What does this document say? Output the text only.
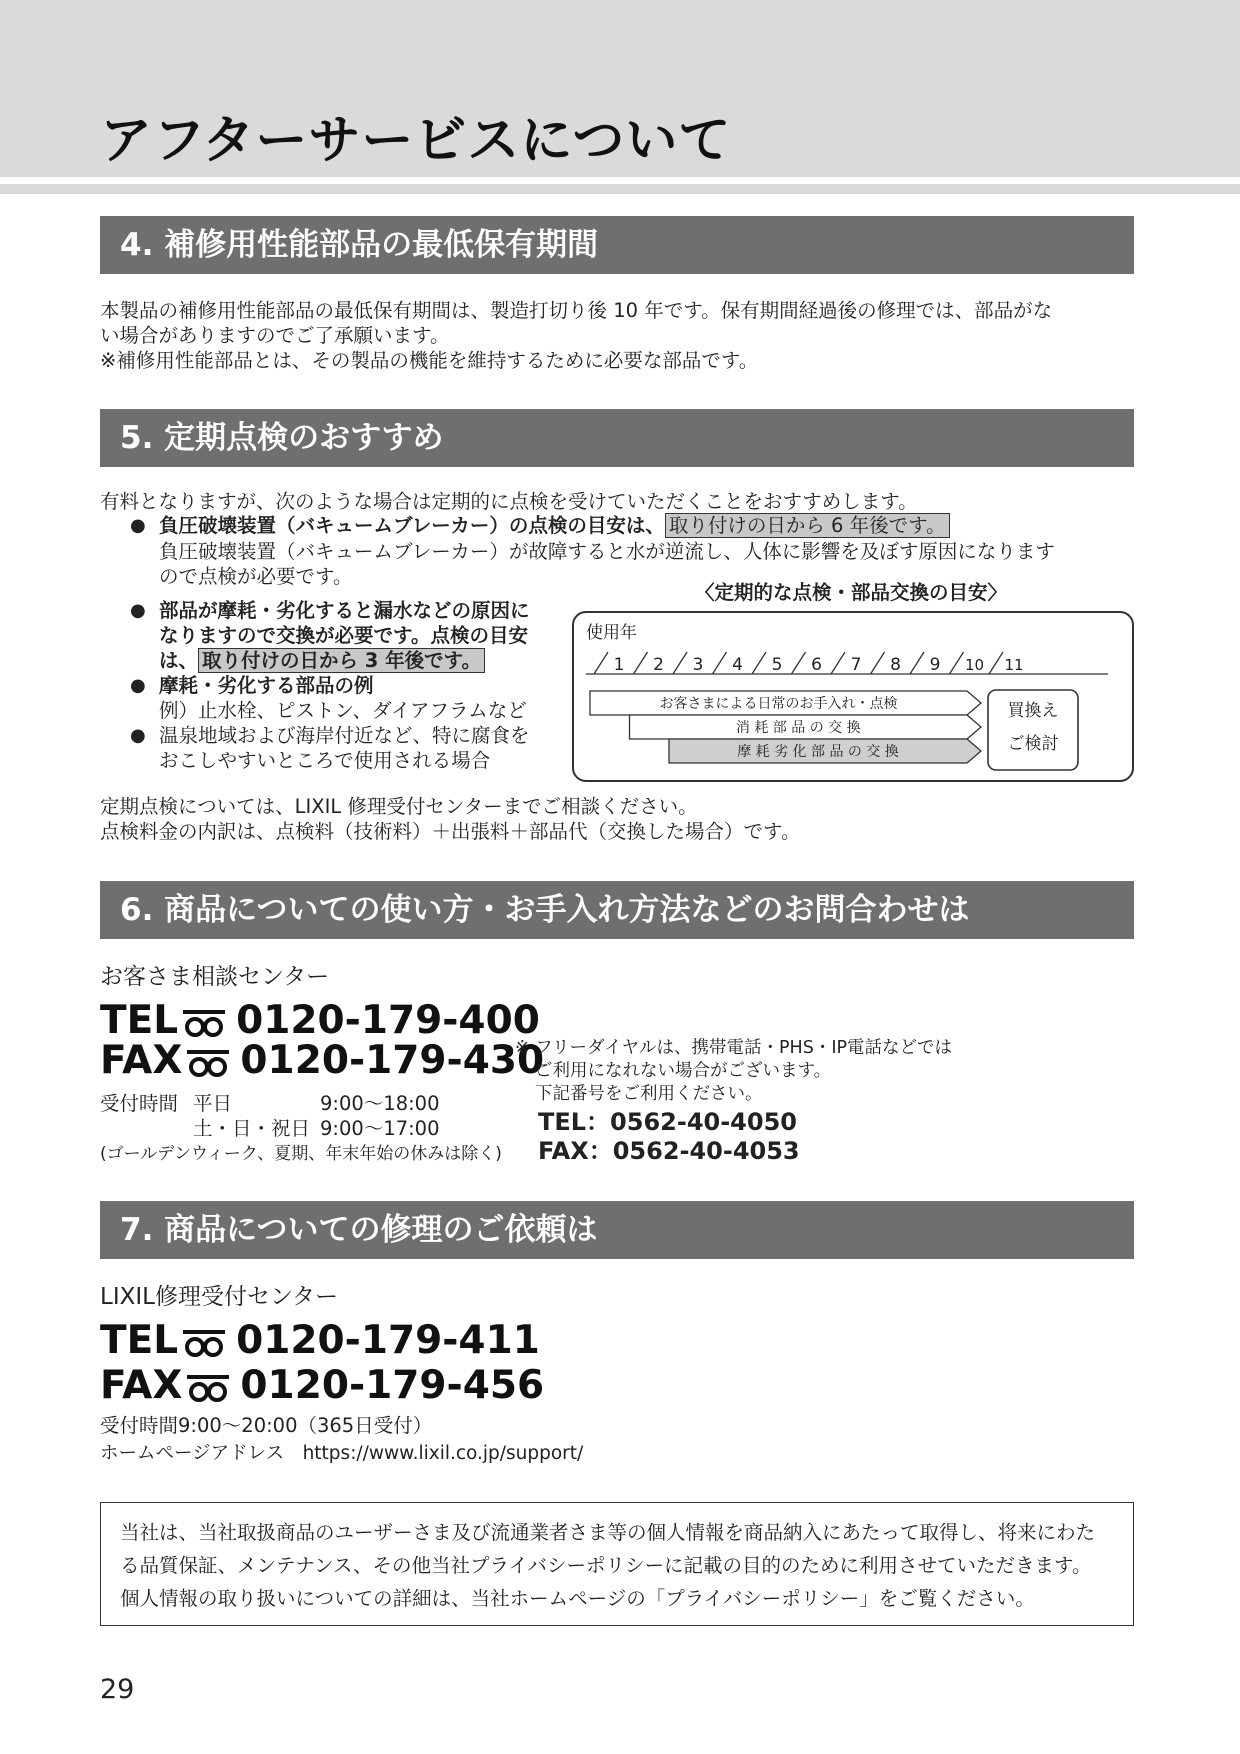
アフターサービスについて
4. 補修用性能部品の最低保有期間
本製品の補修用性能部品の最低保有期間は、製造打切り後 10 年です。保有期間経過後の修理では、部品がな
い場合がありますのでご了承願います。
※補修用性能部品とは、その製品の機能を維持するために必要な部品です。
5. 定期点検のおすすめ
有料となりますが、次のような場合は定期的に点検を受けていただくことをおすすめします。
● 負圧破壊装置（バキュームブレーカー）の点検の目安は、 取り付けの日から 6 年後です。
負圧破壊装置（バキュームブレーカー）が故障すると水が逆流し、人体に影響を及ぼす原因になります
ので点検が必要です。
● 部品が摩耗・劣化すると漏水などの原因に
なりますので交換が必要です。点検の目安
は、 取り付けの日から 3 年後です。
● 摩耗・劣化する部品の例
例）止水栓、ピストン、ダイアフラムなど
● 温泉地域および海岸付近など、特に腐食を
おこしやすいところで使用される場合
〈定期的な点検・部品交換の目安〉
使用年
1 2 3 4 5 6 7 8 9 10 11
お客さまによる日常のお手入れ・点検
消 耗 部 品 の 交 換
摩 耗 劣 化 部 品 の 交 換
買換え
ご検討
定期点検については、LIXIL 修理受付センターまでご相談ください。
点検料金の内訳は、点検料（技術料）＋出張料＋部品代（交換した場合）です。
6. 商品についての使い方・お手入れ方法などのお問合わせは
お客さま相談センター
TEL 0120-179-400
FAX 0120-179-430
受付時間 平日	9:00～18:00
土・日・祝日 9:00～17:00
(ゴールデンウィーク、夏期、年末年始の休みは除く)
※ フリーダイヤルは、携帯電話・PHS・IP電話などでは
ご利用になれない場合がございます。
下記番号をご利用ください。
TEL：0562-40-4050
FAX：0562-40-4053
7. 商品についての修理のご依頼は
LIXIL修理受付センター
TEL 0120-179-411
FAX 0120-179-456
受付時間9:00～20:00（365日受付）
ホームページアドレス　https://www.lixil.co.jp/support/
当社は、当社取扱商品のユーザーさま及び流通業者さま等の個人情報を商品納入にあたって取得し、将来にわた
る品質保証、メンテナンス、その他当社プライバシーポリシーに記載の目的のために利用させていただきます。
個人情報の取り扱いについての詳細は、当社ホームページの「プライバシーポリシー」をご覧ください。
29
